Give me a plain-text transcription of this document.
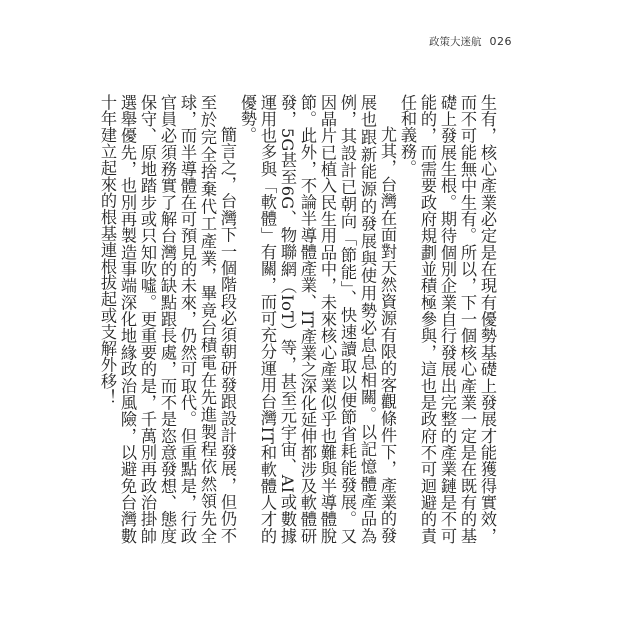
政策大迷航 026

生有，核心產業必定是在現有優勢基礎上發展才能獲得實效，而不可能無中生有。所以，下一個核心產業一定是在既有的基礎上發展生根。期待個別企業自行發展出完整的產業鏈是不可能的，而需要政府規劃並積極參與，這也是政府不可迴避的責任和義務。

尤其，台灣在面對天然資源有限的客觀條件下，產業的發展也跟新能源的發展與使用勢必息息相關。以記憶體產品為例，其設計已朝向「節能」、快速讀取以便節省耗能發展。又因晶片已植入民生用品中，未來核心產業似乎也難與半導體脫節。此外，不論半導體產業、IT產業之深化延伸都涉及軟體研發，5G甚至6G、物聯網（IoT）等，甚至元宇宙、AI或數據運用也多與「軟體」有關，而可充分運用台灣IT和軟體人才的優勢。

簡言之，台灣下一個階段必須朝研發跟設計發展，但仍不至於完全捨棄代工產業，畢竟台積電在先進製程依然領先全球，而半導體在可預見的未來，仍然可取代。但重點是，行政官員必須務實了解台灣的缺點跟長處，而不是恣意發想、態度保守、原地踏步或只知吹噓。更重要的是，千萬別再政治掛帥選舉優先，也別再製造事端深化地緣政治風險，以避免台灣數十年建立起來的根基連根拔起或支解外移！
